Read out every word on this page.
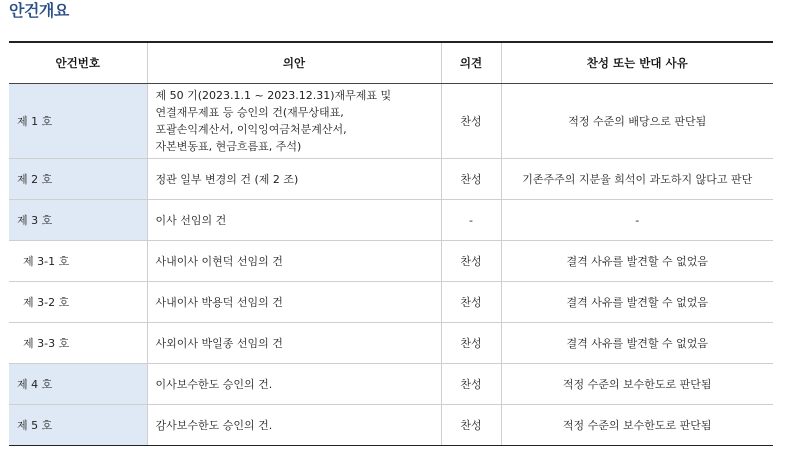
안건개요
안건번호	의안	의견	찬성 또는 반대 사유
제 1 호	제 50 기(2023.1.1 ~ 2023.12.31)재무제표 및
연결재무제표 등 승인의 건(재무상태표,
포괄손익계산서, 이익잉여금처분계산서,
자본변동표, 현금흐름표, 주석)	찬성	적정 수준의 배당으로 판단됨
제 2 호	정관 일부 변경의 건 (제 2 조)	찬성	기존주주의 지분율 희석이 과도하지 않다고 판단
제 3 호	이사 선임의 건	-	-
제 3-1 호	사내이사 이현덕 선임의 건	찬성	결격 사유를 발견할 수 없었음
제 3-2 호	사내이사 박용덕 선임의 건	찬성	결격 사유를 발견할 수 없었음
제 3-3 호	사외이사 박일종 선임의 건	찬성	결격 사유를 발견할 수 없었음
제 4 호	이사보수한도 승인의 건.	찬성	적정 수준의 보수한도로 판단됨
제 5 호	감사보수한도 승인의 건.	찬성	적정 수준의 보수한도로 판단됨
